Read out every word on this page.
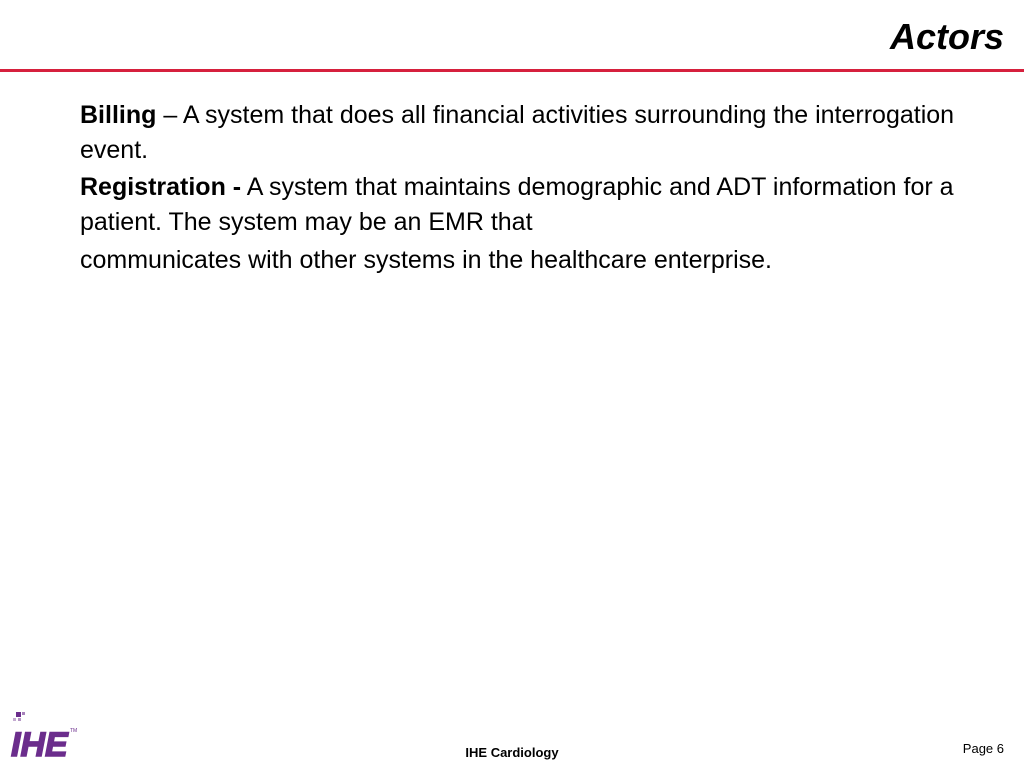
Actors

Billing – A system that does all financial activities surrounding the interrogation event.

Registration - A system that maintains demographic and ADT information for a patient. The system may be an EMR that
communicates with other systems in the healthcare enterprise.

IHE TM
IHE Cardiology	Page 6
